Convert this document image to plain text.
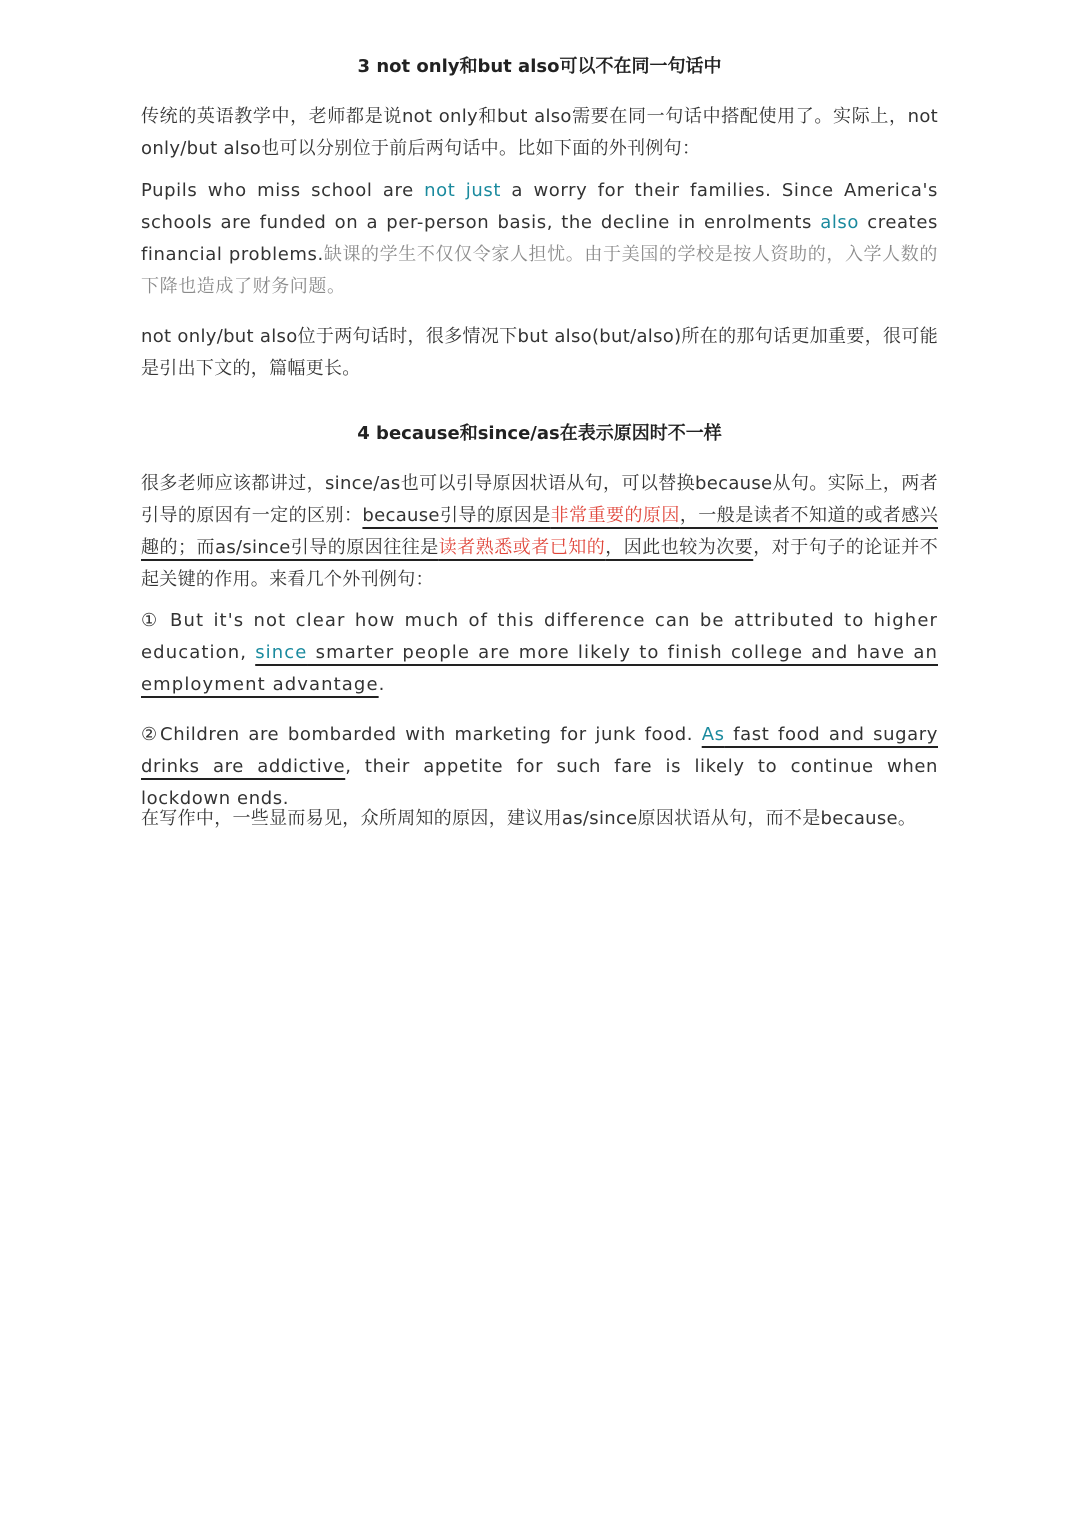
3 not only和but also可以不在同一句话中

传统的英语教学中，老师都是说not only和but also需要在同一句话中搭配使用了。实际上，not only/but also也可以分别位于前后两句话中。比如下面的外刊例句：

Pupils who miss school are not just a worry for their families. Since America's schools are funded on a per-person basis, the decline in enrolments also creates financial problems.缺课的学生不仅仅令家人担忧。由于美国的学校是按人资助的，入学人数的下降也造成了财务问题。

not only/but also位于两句话时，很多情况下but also(but/also)所在的那句话更加重要，很可能是引出下文的，篇幅更长。

4 because和since/as在表示原因时不一样

很多老师应该都讲过，since/as也可以引导原因状语从句，可以替换because从句。实际上，两者引导的原因有一定的区别：because引导的原因是非常重要的原因，一般是读者不知道的或者感兴趣的；而as/since引导的原因往往是读者熟悉或者已知的，因此也较为次要，对于句子的论证并不起关键的作用。来看几个外刊例句：

① But it's not clear how much of this difference can be attributed to higher education, since smarter people are more likely to finish college and have an employment advantage.

②Children are bombarded with marketing for junk food. As fast food and sugary drinks are addictive, their appetite for such fare is likely to continue when lockdown ends.

在写作中，一些显而易见，众所周知的原因，建议用as/since原因状语从句，而不是because。
